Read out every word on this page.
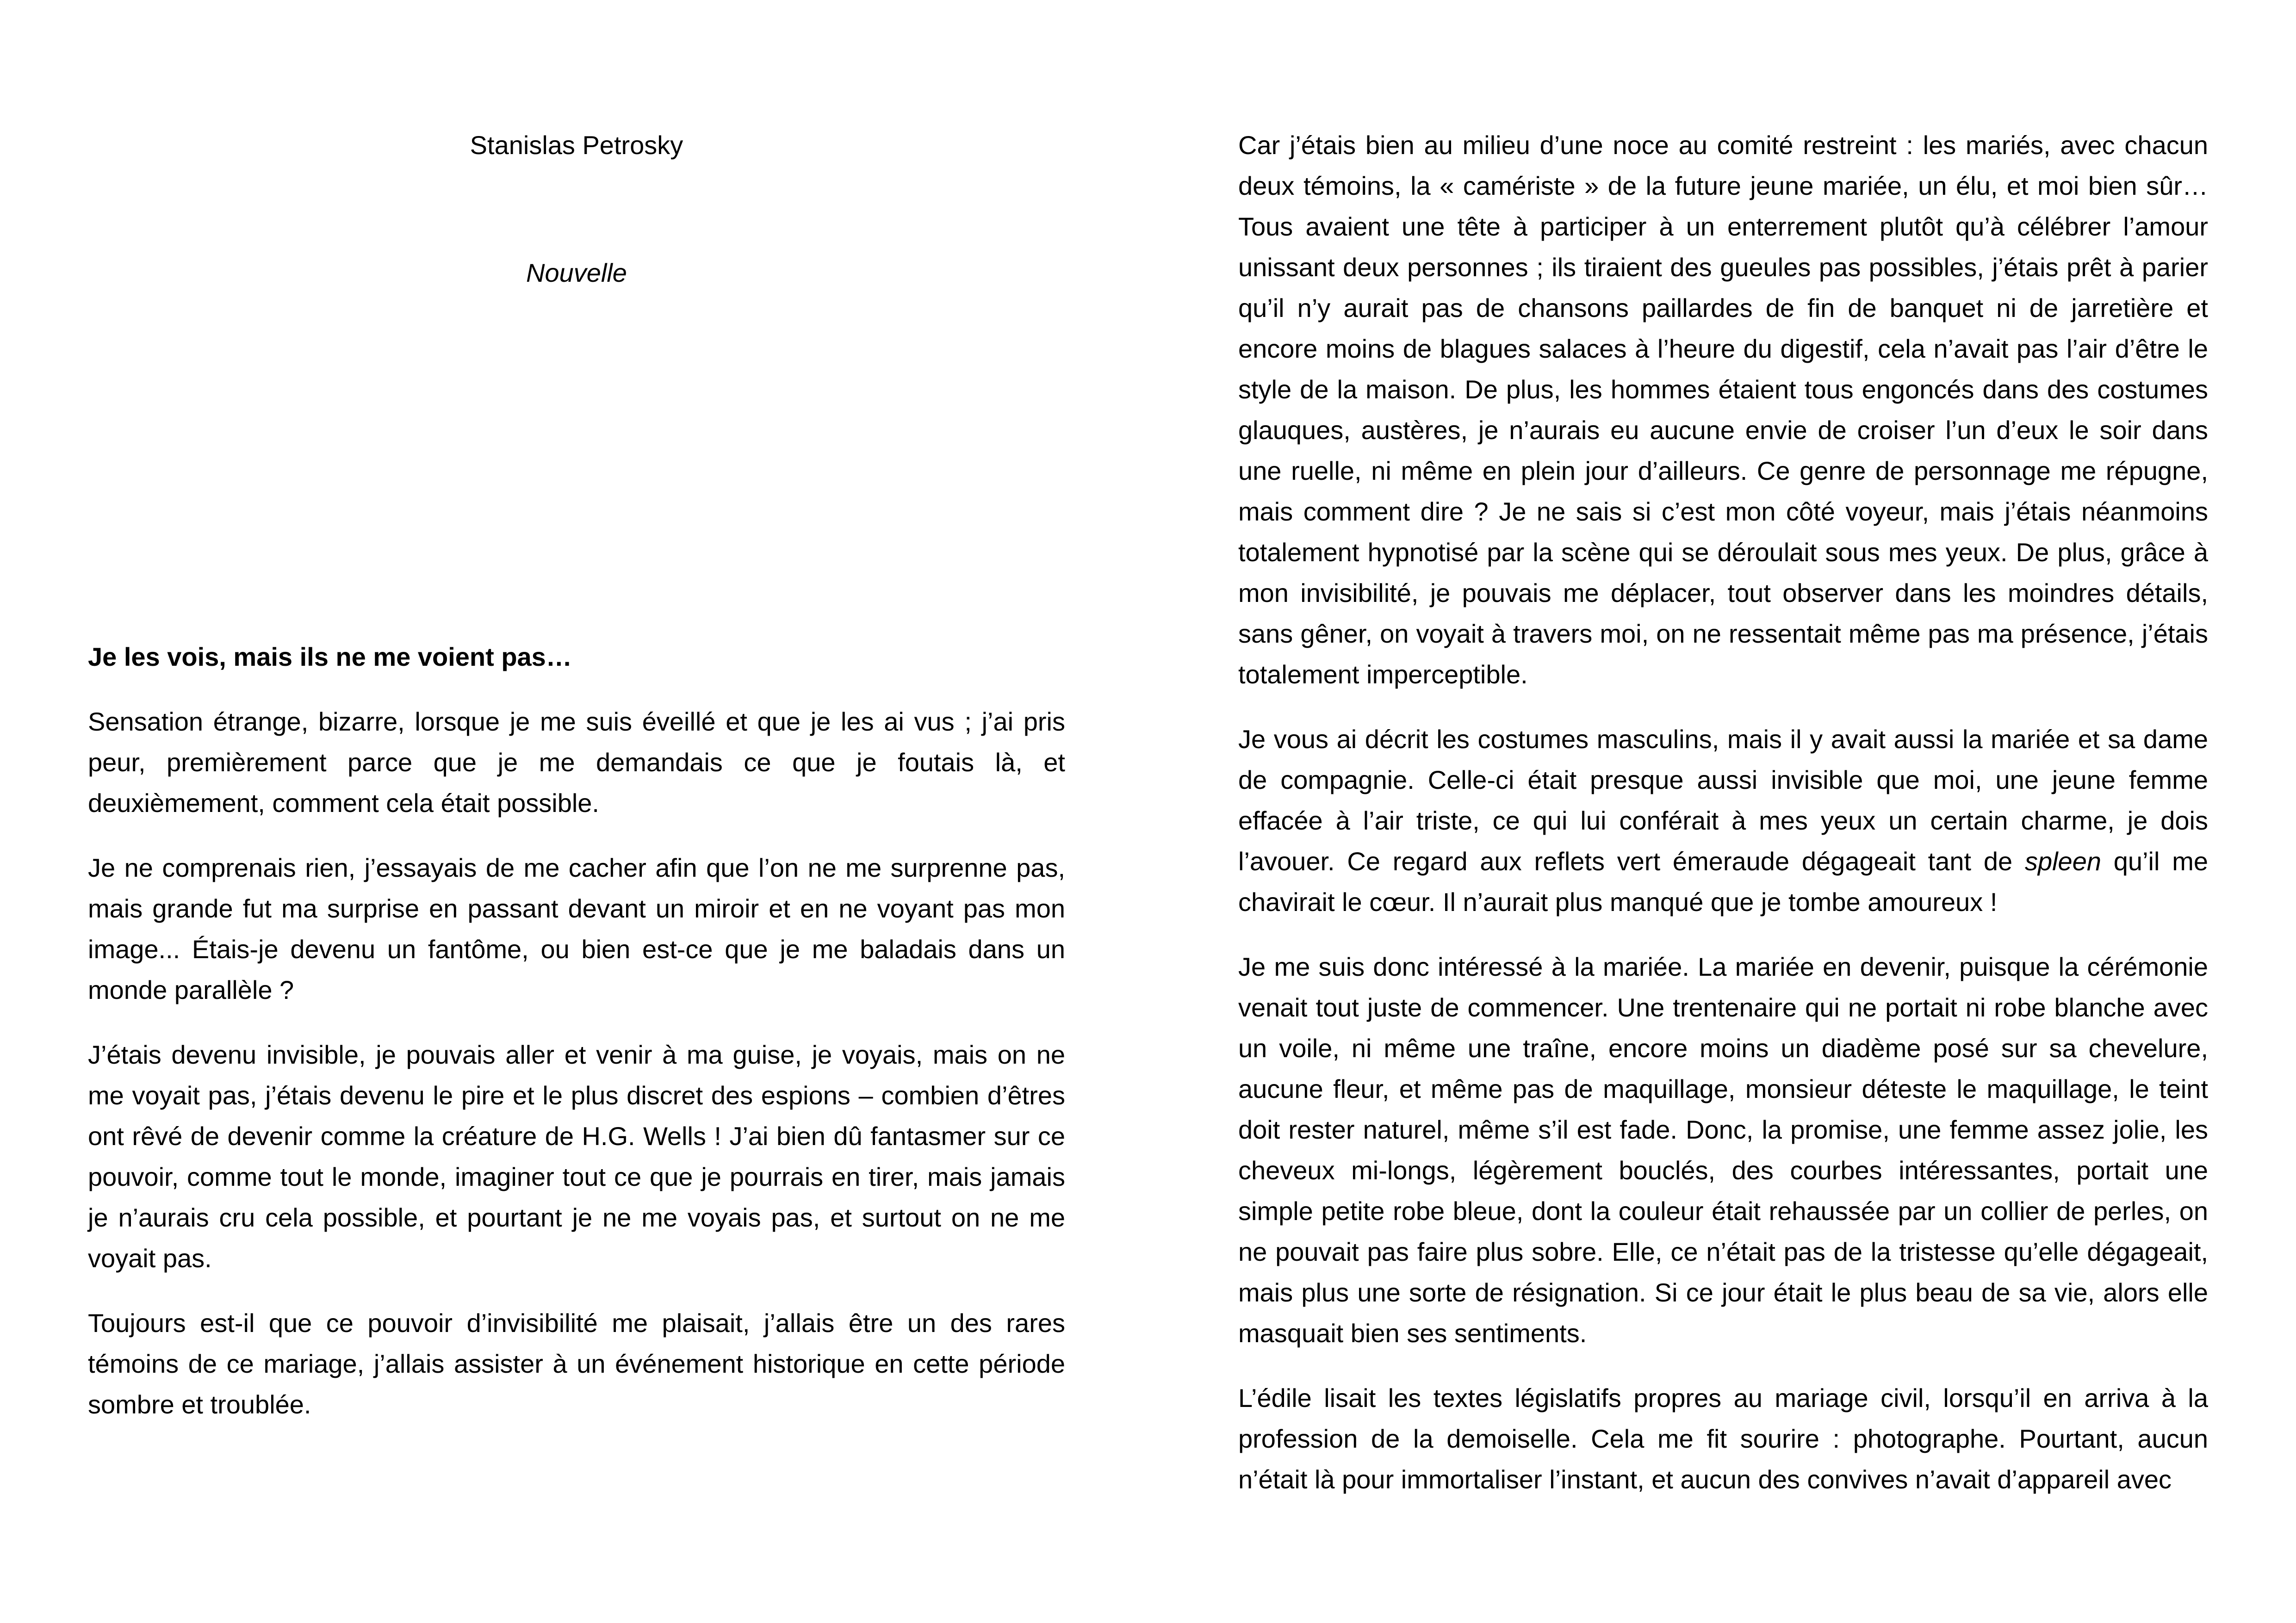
Stanislas Petrosky

Nouvelle

Je les vois, mais ils ne me voient pas…

Sensation étrange, bizarre, lorsque je me suis éveillé et que je les ai vus ; j’ai pris peur, premièrement parce que je me demandais ce que je foutais là, et deuxièmement, comment cela était possible.

Je ne comprenais rien, j’essayais de me cacher afin que l’on ne me surprenne pas, mais grande fut ma surprise en passant devant un miroir et en ne voyant pas mon image... Étais-je devenu un fantôme, ou bien est-ce que je me baladais dans un monde parallèle ?

J’étais devenu invisible, je pouvais aller et venir à ma guise, je voyais, mais on ne me voyait pas, j’étais devenu le pire et le plus discret des espions – combien d’êtres ont rêvé de devenir comme la créature de H.G. Wells ! J’ai bien dû fantasmer sur ce pouvoir, comme tout le monde, imaginer tout ce que je pourrais en tirer, mais jamais je n’aurais cru cela possible, et pourtant je ne me voyais pas, et surtout on ne me voyait pas.

Toujours est-il que ce pouvoir d’invisibilité me plaisait, j’allais être un des rares témoins de ce mariage, j’allais assister à un événement historique en cette période sombre et troublée.

Car j’étais bien au milieu d’une noce au comité restreint : les mariés, avec chacun deux témoins, la « camériste » de la future jeune mariée, un élu, et moi bien sûr… Tous avaient une tête à participer à un enterrement plutôt qu’à célébrer l’amour unissant deux personnes ; ils tiraient des gueules pas possibles, j’étais prêt à parier qu’il n’y aurait pas de chansons paillardes de fin de banquet ni de jarretière et encore moins de blagues salaces à l’heure du digestif, cela n’avait pas l’air d’être le style de la maison. De plus, les hommes étaient tous engoncés dans des costumes glauques, austères, je n’aurais eu aucune envie de croiser l’un d’eux le soir dans une ruelle, ni même en plein jour d’ailleurs. Ce genre de personnage me répugne, mais comment dire ? Je ne sais si c’est mon côté voyeur, mais j’étais néanmoins totalement hypnotisé par la scène qui se déroulait sous mes yeux. De plus, grâce à mon invisibilité, je pouvais me déplacer, tout observer dans les moindres détails, sans gêner, on voyait à travers moi, on ne ressentait même pas ma présence, j’étais totalement imperceptible.

Je vous ai décrit les costumes masculins, mais il y avait aussi la mariée et sa dame de compagnie. Celle-ci était presque aussi invisible que moi, une jeune femme effacée à l’air triste, ce qui lui conférait à mes yeux un certain charme, je dois l’avouer. Ce regard aux reflets vert émeraude dégageait tant de spleen qu’il me chavirait le cœur. Il n’aurait plus manqué que je tombe amoureux !

Je me suis donc intéressé à la mariée. La mariée en devenir, puisque la cérémonie venait tout juste de commencer. Une trentenaire qui ne portait ni robe blanche avec un voile, ni même une traîne, encore moins un diadème posé sur sa chevelure, aucune fleur, et même pas de maquillage, monsieur déteste le maquillage, le teint doit rester naturel, même s’il est fade. Donc, la promise, une femme assez jolie, les cheveux mi-longs, légèrement bouclés, des courbes intéressantes, portait une simple petite robe bleue, dont la couleur était rehaussée par un collier de perles, on ne pouvait pas faire plus sobre. Elle, ce n’était pas de la tristesse qu’elle dégageait, mais plus une sorte de résignation. Si ce jour était le plus beau de sa vie, alors elle masquait bien ses sentiments.

L’édile lisait les textes législatifs propres au mariage civil, lorsqu’il en arriva à la profession de la demoiselle. Cela me fit sourire : photographe. Pourtant, aucun n’était là pour immortaliser l’instant, et aucun des convives n’avait d’appareil avec
